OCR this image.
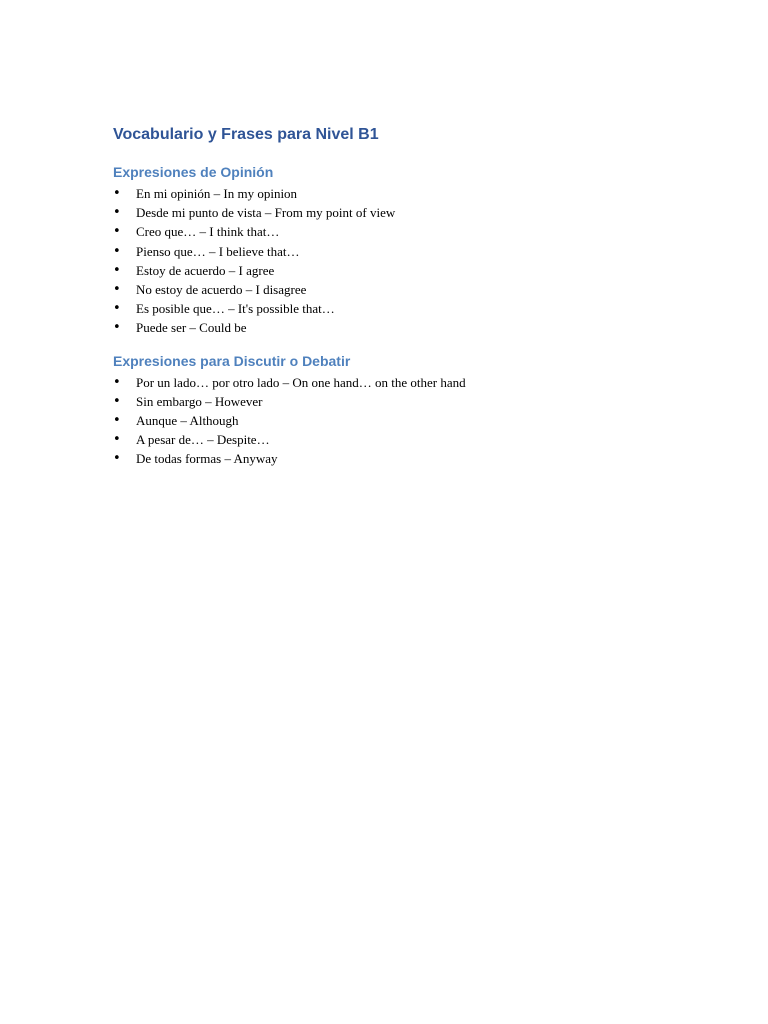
Vocabulario y Frases para Nivel B1
Expresiones de Opinión
• En mi opinión – In my opinion
• Desde mi punto de vista – From my point of view
• Creo que… – I think that…
• Pienso que… – I believe that…
• Estoy de acuerdo – I agree
• No estoy de acuerdo – I disagree
• Es posible que… – It's possible that…
• Puede ser – Could be
Expresiones para Discutir o Debatir
• Por un lado… por otro lado – On one hand… on the other hand
• Sin embargo – However
• Aunque – Although
• A pesar de… – Despite…
• De todas formas – Anyway
